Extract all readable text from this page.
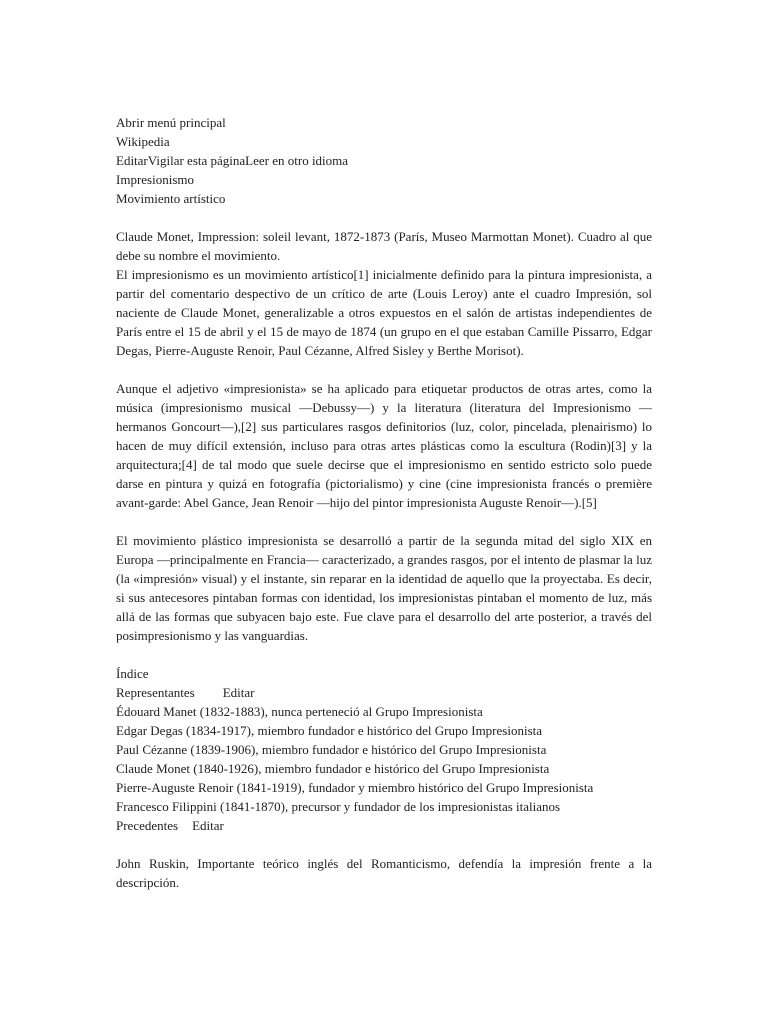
Abrir menú principal
Wikipedia
EditarVigilar esta páginaLeer en otro idioma
Impresionismo
Movimiento artístico
Claude Monet, Impression: soleil levant, 1872-1873 (París, Museo Marmottan Monet). Cuadro al que debe su nombre el movimiento.
El impresionismo es un movimiento artístico[1] inicialmente definido para la pintura impresionista, a partir del comentario despectivo de un crítico de arte (Louis Leroy) ante el cuadro Impresión, sol naciente de Claude Monet, generalizable a otros expuestos en el salón de artistas independientes de París entre el 15 de abril y el 15 de mayo de 1874 (un grupo en el que estaban Camille Pissarro, Edgar Degas, Pierre-Auguste Renoir, Paul Cézanne, Alfred Sisley y Berthe Morisot).
Aunque el adjetivo «impresionista» se ha aplicado para etiquetar productos de otras artes, como la música (impresionismo musical —Debussy—) y la literatura (literatura del Impresionismo —hermanos Goncourt—),[2] sus particulares rasgos definitorios (luz, color, pincelada, plenairismo) lo hacen de muy difícil extensión, incluso para otras artes plásticas como la escultura (Rodin)[3] y la arquitectura;[4] de tal modo que suele decirse que el impresionismo en sentido estricto solo puede darse en pintura y quizá en fotografía (pictorialismo) y cine (cine impresionista francés o première avant-garde: Abel Gance, Jean Renoir —hijo del pintor impresionista Auguste Renoir—).[5]
El movimiento plástico impresionista se desarrolló a partir de la segunda mitad del siglo XIX en Europa —principalmente en Francia— caracterizado, a grandes rasgos, por el intento de plasmar la luz (la «impresión» visual) y el instante, sin reparar en la identidad de aquello que la proyectaba. Es decir, si sus antecesores pintaban formas con identidad, los impresionistas pintaban el momento de luz, más allá de las formas que subyacen bajo este. Fue clave para el desarrollo del arte posterior, a través del posimpresionismo y las vanguardias.
Índice
Representantes Editar
Édouard Manet (1832-1883), nunca perteneció al Grupo Impresionista
Edgar Degas (1834-1917), miembro fundador e histórico del Grupo Impresionista
Paul Cézanne (1839-1906), miembro fundador e histórico del Grupo Impresionista
Claude Monet (1840-1926), miembro fundador e histórico del Grupo Impresionista
Pierre-Auguste Renoir (1841-1919), fundador y miembro histórico del Grupo Impresionista
Francesco Filippini (1841-1870), precursor y fundador de los impresionistas italianos
Precedentes Editar
John Ruskin, Importante teórico inglés del Romanticismo, defendía la impresión frente a la descripción.
